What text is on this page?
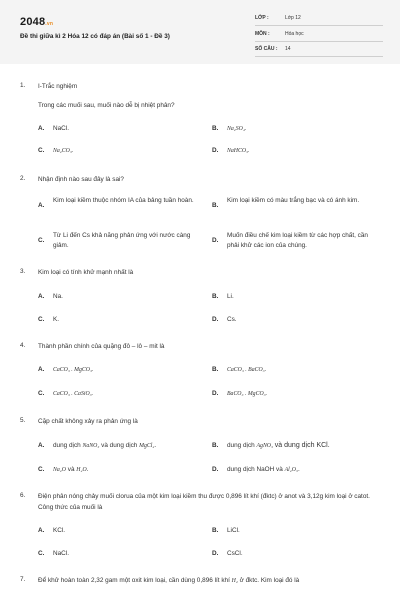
2048.vn
Đề thi giữa kì 2 Hóa 12 có đáp án (Bài số 1 - Đề 3)
LỚP :	Lớp 12
MÔN :	Hóa học
SỐ CÂU : 14
1. I-Trắc nghiệm
Trong các muối sau, muối nào dễ bị nhiệt phân?
A. NaCl.	B. Na₂SO₄.
C. Na₂CO₃.	D. NaHCO₃.
2. Nhận định nào sau đây là sai?
A.
Kim loại kiềm thuộc nhóm IA của bảng tuần hoàn.
B.
Kim loại kiềm có màu trắng bạc và có ánh kim.
C.
Từ Li đến Cs khả năng phản ứng với nước càng giảm.
D.
Muốn điều chế kim loại kiềm từ các hợp chất, cần phải khử các ion của chúng.
3. Kim loại có tính khử mạnh nhất là
A. Na.	B. Li.
C. K.	D. Cs.
4. Thành phần chính của quặng đô – lô – mit là
A. CaCO₃ . MgCO₃.	B. CaCO₃ . BaCO₃.
C. CaCO₃ . CaSiO₃.	D. BaCO₃ . MgCO₃.
5. Cặp chất không xảy ra phản ứng là
A. dung dịch NaNO₃ và dung dịch MgCl₂.	B. dung dịch AgNO₃ và dung dịch KCl.
C. Na₂O và H₂O.	D. dung dịch NaOH và Al₂O₃.
6. Điện phân nóng chảy muối clorua của một kim loại kiềm thu được 0,896 lít khí (đktc) ở anot và 3,12g kim loại ở catot. Công thức của muối là
A. KCl.	B. LiCl.
C. NaCl.	D. CsCl.
7. Để khử hoàn toàn 2,32 gam một oxit kim loại, cần dùng 0,896 lít khí H₂ ở đktc. Kim loại đó là
